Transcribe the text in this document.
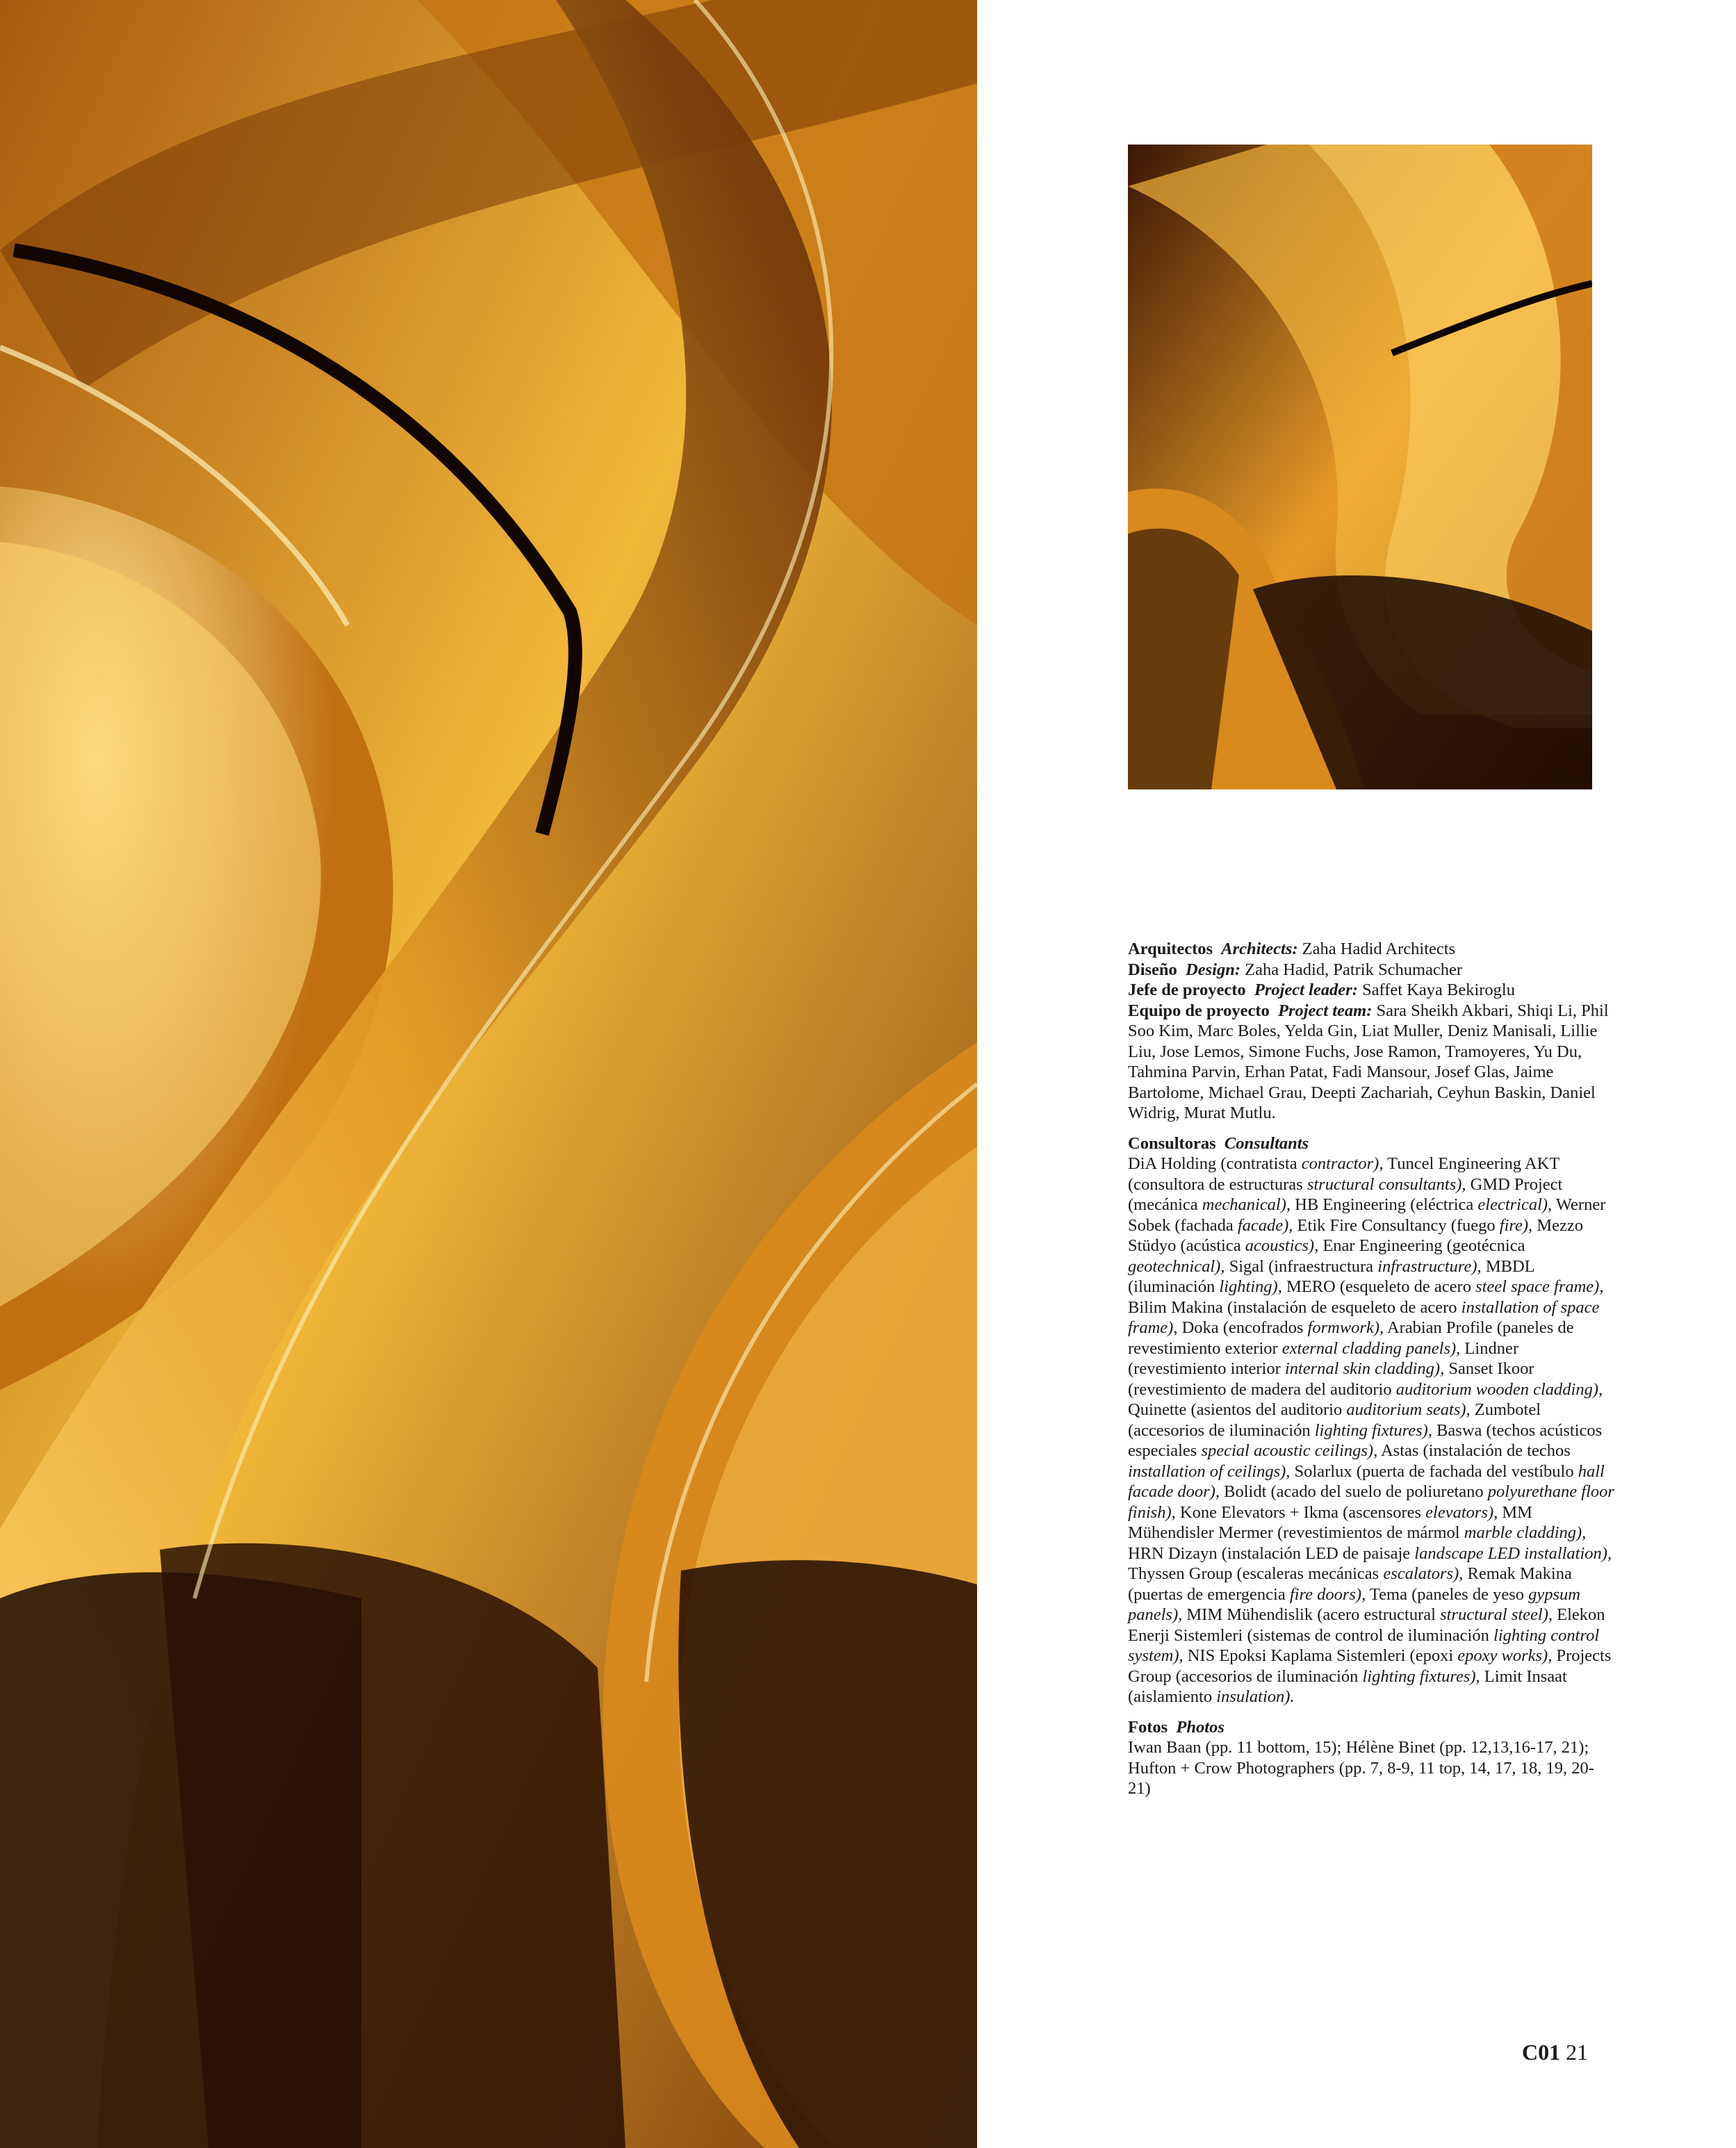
Arquitectos Architects: Zaha Hadid Architects
Diseño Design: Zaha Hadid, Patrik Schumacher
Jefe de proyecto Project leader: Saffet Kaya Bekiroglu
Equipo de proyecto Project team: Sara Sheikh Akbari, Shiqi Li, Phil Soo Kim, Marc Boles, Yelda Gin, Liat Muller, Deniz Manisali, Lillie Liu, Jose Lemos, Simone Fuchs, Jose Ramon, Tramoyeres, Yu Du, Tahmina Parvin, Erhan Patat, Fadi Mansour, Josef Glas, Jaime Bartolome, Michael Grau, Deepti Zachariah, Ceyhun Baskin, Daniel Widrig, Murat Mutlu.

Consultoras Consultants
DiA Holding (contratista contractor), Tuncel Engineering AKT (consultora de estructuras structural consultants), GMD Project (mecánica mechanical), HB Engineering (eléctrica electrical), Werner Sobek (fachada facade), Etik Fire Consultancy (fuego fire), Mezzo Stüdyo (acústica acoustics), Enar Engineering (geotécnica geotechnical), Sigal (infraestructura infrastructure), MBDL (iluminación lighting), MERO (esqueleto de acero steel space frame), Bilim Makina (instalación de esqueleto de acero installation of space frame), Doka (encofrados formwork), Arabian Profile (paneles de revestimiento exterior external cladding panels), Lindner (revestimiento interior internal skin cladding), Sanset Ikoor (revestimiento de madera del auditorio auditorium wooden cladding), Quinette (asientos del auditorio auditorium seats), Zumbotel (accesorios de iluminación lighting fixtures), Baswa (techos acústicos especiales special acoustic ceilings), Astas (instalación de techos installation of ceilings), Solarlux (puerta de fachada del vestíbulo hall facade door), Bolidt (acado del suelo de poliuretano polyurethane floor finish), Kone Elevators + Ikma (ascensores elevators), MM Mühendisler Mermer (revestimientos de mármol marble cladding), HRN Dizayn (instalación LED de paisaje landscape LED installation), Thyssen Group (escaleras mecánicas escalators), Remak Makina (puertas de emergencia fire doors), Tema (paneles de yeso gypsum panels), MIM Mühendislik (acero estructural structural steel), Elekon Enerji Sistemleri (sistemas de control de iluminación lighting control system), NIS Epoksi Kaplama Sistemleri (epoxi epoxy works), Projects Group (accesorios de iluminación lighting fixtures), Limit Insaat (aislamiento insulation).

Fotos Photos
Iwan Baan (pp. 11 bottom, 15); Hélène Binet (pp. 12,13,16-17, 21); Hufton + Crow Photographers (pp. 7, 8-9, 11 top, 14, 17, 18, 19, 20-21)

C01 21
